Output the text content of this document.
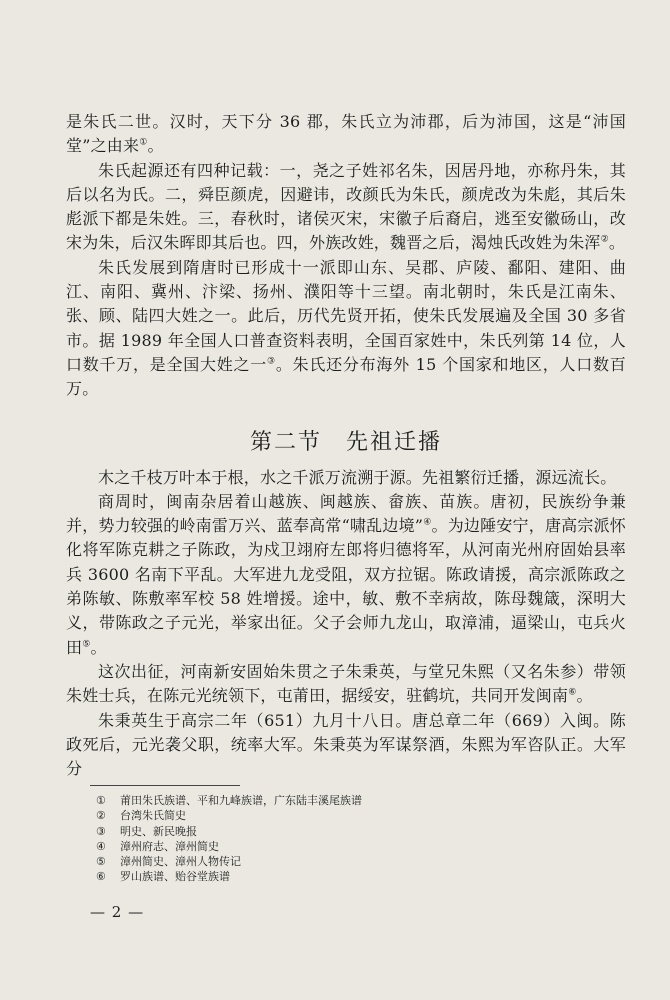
是朱氏二世。汉时，天下分 36 郡，朱氏立为沛郡，后为沛国，这是“沛国堂”之由来①。

朱氏起源还有四种记载：一，尧之子姓祁名朱，因居丹地，亦称丹朱，其后以名为氏。二，舜臣颜虎，因避讳，改颜氏为朱氏，颜虎改为朱彪，其后朱彪派下都是朱姓。三，春秋时，诸侯灭宋，宋徽子后裔启，逃至安徽砀山，改宋为朱，后汉朱晖即其后也。四，外族改姓，魏晋之后，渴烛氏改姓为朱浑②。

朱氏发展到隋唐时已形成十一派即山东、吴郡、庐陵、鄱阳、建阳、曲江、南阳、冀州、汴梁、扬州、濮阳等十三望。南北朝时，朱氏是江南朱、张、顾、陆四大姓之一。此后，历代先贤开拓，使朱氏发展遍及全国 30 多省市。据 1989 年全国人口普查资料表明，全国百家姓中，朱氏列第 14 位，人口数千万，是全国大姓之一③。朱氏还分布海外 15 个国家和地区，人口数百万。

第二节　先祖迁播

木之千枝万叶本于根，水之千派万流溯于源。先祖繁衍迁播，源远流长。

商周时，闽南杂居着山越族、闽越族、畲族、苗族。唐初，民族纷争兼并，势力较强的岭南雷万兴、蓝奉高常“啸乱边境”④。为边陲安宁，唐高宗派怀化将军陈克耕之子陈政，为戍卫翊府左郎将归德将军，从河南光州府固始县率兵 3600 名南下平乱。大军进九龙受阻，双方拉锯。陈政请援，高宗派陈政之弟陈敏、陈敷率军校 58 姓增援。途中，敏、敷不幸病故，陈母魏箴，深明大义，带陈政之子元光，举家出征。父子会师九龙山，取漳浦，逼梁山，屯兵火田⑤。

这次出征，河南新安固始朱贯之子朱秉英，与堂兄朱熙（又名朱参）带领朱姓士兵，在陈元光统领下，屯莆田，据绥安，驻鹤坑，共同开发闽南⑥。

朱秉英生于高宗二年（651）九月十八日。唐总章二年（669）入闽。陈政死后，元光袭父职，统率大军。朱秉英为军谋祭酒，朱熙为军咨队正。大军分

① 莆田朱氏族谱、平和九峰族谱，广东陆丰溪尾族谱
② 台湾朱氏简史
③ 明史、新民晚报
④ 漳州府志、漳州简史
⑤ 漳州简史、漳州人物传记
⑥ 罗山族谱、贻谷堂族谱
— 2 —
